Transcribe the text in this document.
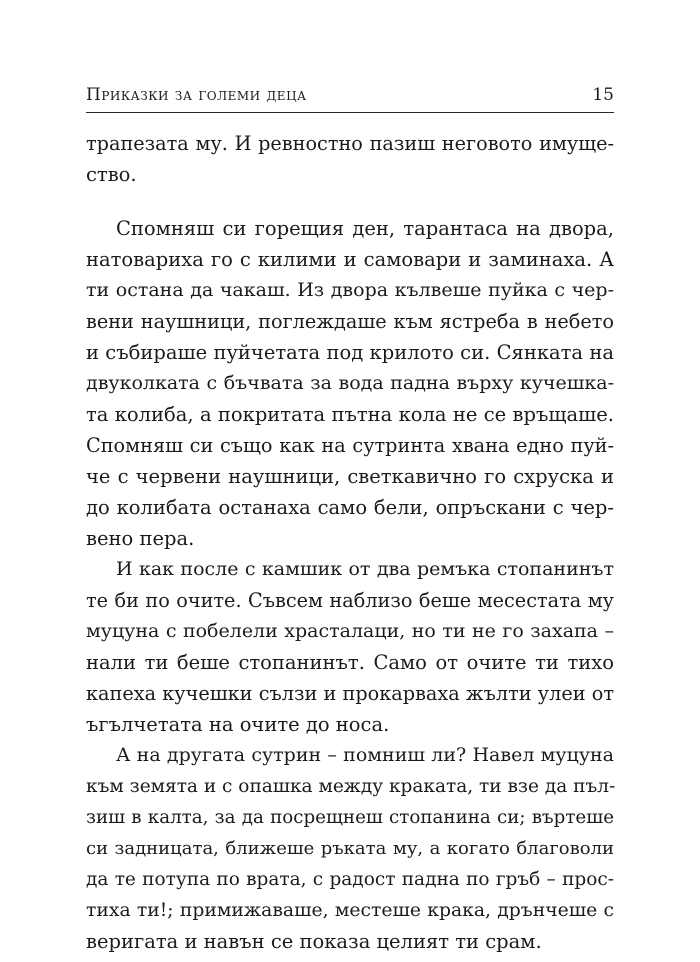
Приказки за големи деца	15
трапезата му. И ревностно пазиш неговото имуще-
ство.
Спомняш си горещия ден, тарантаса на двора,
натовариха го с килими и самовари и заминаха. А
ти остана да чакаш. Из двора кълвеше пуйка с чер-
вени наушници, поглеждаше към ястреба в небето
и събираше пуйчетата под крилото си. Сянката на
двуколката с бъчвата за вода падна върху кучешка-
та колиба, а покритата пътна кола не се връщаше.
Спомняш си също как на сутринта хвана едно пуй-
че с червени наушници, светкавично го схруска и
до колибата останаха само бели, опръскани с чер-
вено пера.
И как после с камшик от два ремъка стопанинът
те би по очите. Съвсем наблизо беше месестата му
муцуна с побелели храсталаци, но ти не го захапа –
нали ти беше стопанинът. Само от очите ти тихо
капеха кучешки сълзи и прокарваха жълти улеи от
ъгълчетата на очите до носа.
А на другата сутрин – помниш ли? Навел муцуна
към земята и с опашка между краката, ти взе да пъл-
зиш в калта, за да посрещнеш стопанина си; въртеше
си задницата, ближеше ръката му, а когато благоволи
да те потупа по врата, с радост падна по гръб – прос-
тиха ти!; примижаваше, местеше крака, дрънчеше с
веригата и навън се показа целият ти срам.
